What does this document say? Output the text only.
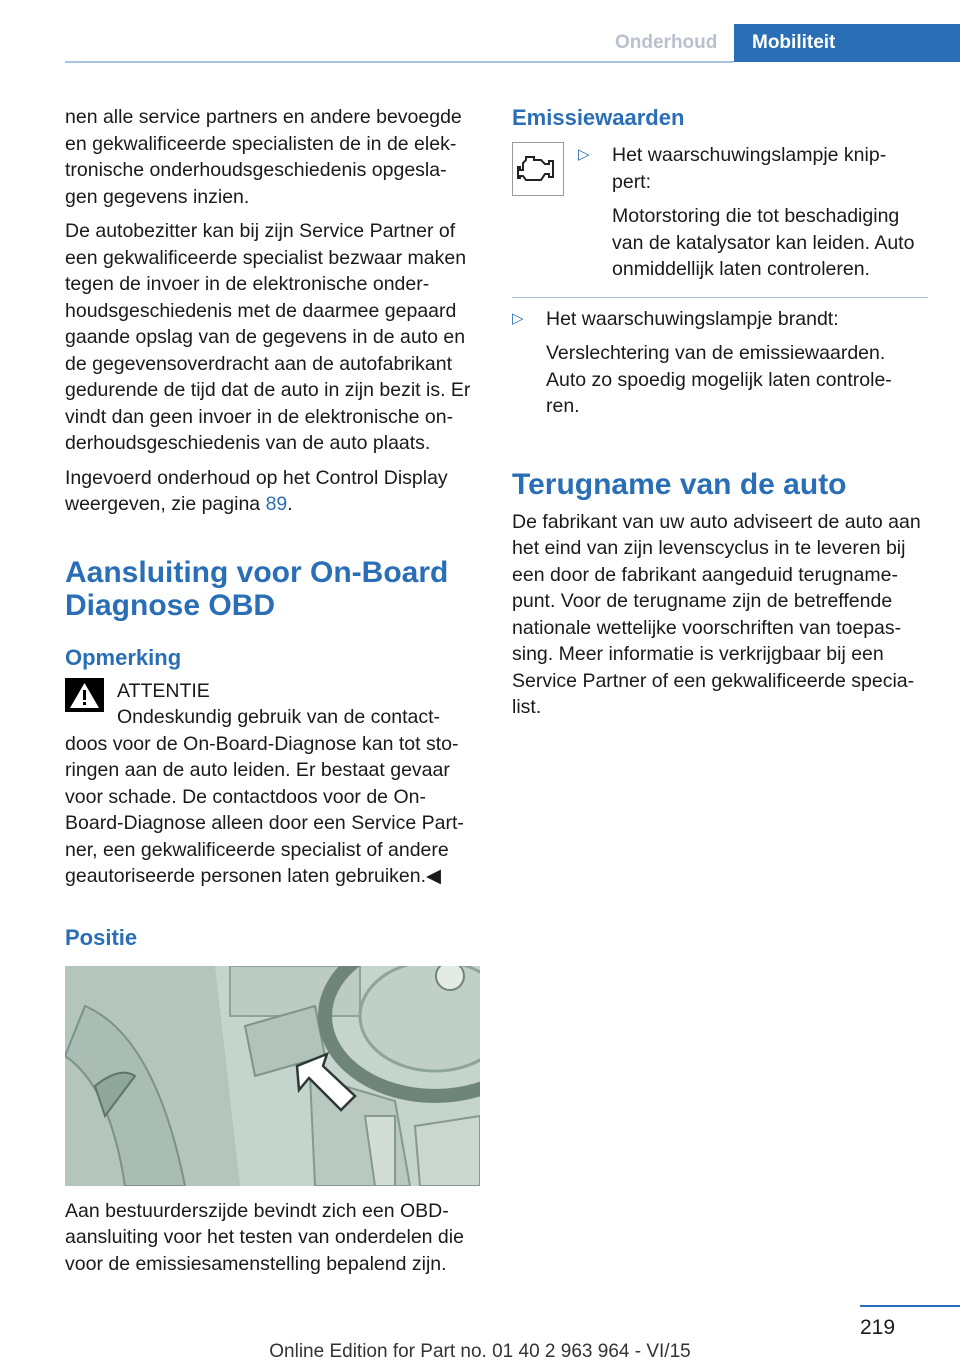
Onderhoud	Mobiliteit

nen alle service partners en andere bevoegde en gekwalificeerde specialisten de in de elek‐ tronische onderhoudsgeschiedenis opgesla‐ gen gegevens inzien.

De autobezitter kan bij zijn Service Partner of een gekwalificeerde specialist bezwaar maken tegen de invoer in de elektronische onder‐ houdsgeschiedenis met de daarmee gepaard gaande opslag van de gegevens in de auto en de gegevensoverdracht aan de autofabrikant gedurende de tijd dat de auto in zijn bezit is. Er vindt dan geen invoer in de elektronische on‐ derhoudsgeschiedenis van de auto plaats.

Ingevoerd onderhoud op het Control Display weergeven, zie pagina 89.

Aansluiting voor On-Board Diagnose OBD
Opmerking
ATTENTIE
Ondeskundig gebruik van de contact‐

doos voor de On-Board-Diagnose kan tot sto‐ ringen aan de auto leiden. Er bestaat gevaar voor schade. De contactdoos voor de On- Board-Diagnose alleen door een Service Part‐ ner, een gekwalificeerde specialist of andere geautoriseerde personen laten gebruiken.◀

Positie

Aan bestuurderszijde bevindt zich een OBD- aansluiting voor het testen van onderdelen die voor de emissiesamenstelling bepalend zijn.

Emissiewaarden
▷	Het waarschuwingslampje knip‐ pert:

Motorstoring die tot beschadiging van de katalysator kan leiden. Auto onmiddellijk laten controleren.

▷	Het waarschuwingslampje brandt:

Verslechtering van de emissiewaarden. Auto zo spoedig mogelijk laten controle‐ ren.

Terugname van de auto

De fabrikant van uw auto adviseert de auto aan het eind van zijn levenscyclus in te leveren bij een door de fabrikant aangeduid terugname‐ punt. Voor de terugname zijn de betreffende nationale wettelijke voorschriften van toepas‐ sing. Meer informatie is verkrijgbaar bij een Service Partner of een gekwalificeerde specia‐ list.

219
Online Edition for Part no. 01 40 2 963 964 - VI/15
